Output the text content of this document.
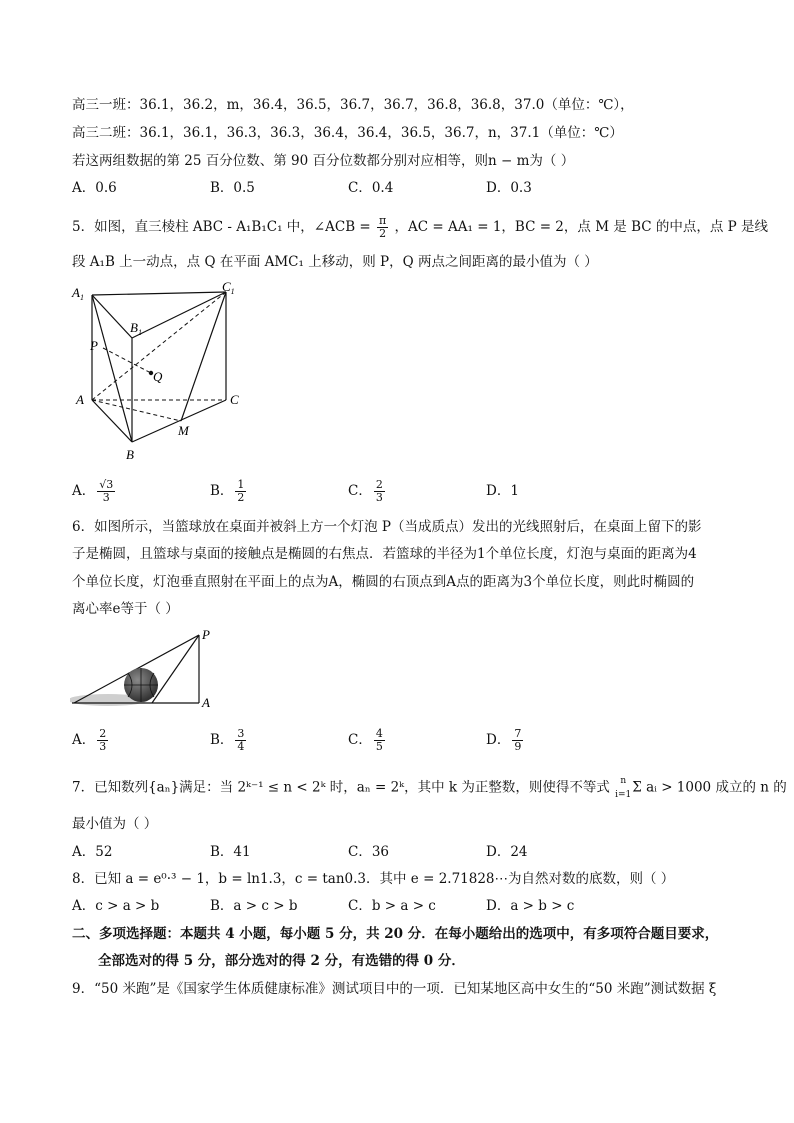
高三一班：36.1，36.2，m，36.4，36.5，36.7，36.7，36.8，36.8，37.0（单位：℃），
高三二班：36.1，36.1，36.3，36.3，36.4，36.4，36.5，36.7，n，37.1（单位：℃）
若这两组数据的第 25 百分位数、第 90 百分位数都分别对应相等，则n − m为（ ）
A．0.6	B．0.5	C．0.4	D．0.3
5．如图，直三棱柱 ABC - A₁B₁C₁ 中，∠ACB = $\frac{\pi}{2}$ ，AC = AA₁ = 1，BC = 2，点 M 是 BC 的中点，点 P 是线
段 A₁B 上一动点，点 Q 在平面 AMC₁ 上移动，则 P，Q 两点之间距离的最小值为（ ）
$A_1$
$C_1$
$B_1$
P
Q
A	C
M
B
A． $\frac{√3}{3}$	B． $\frac{1}{2}$	C． $\frac{2}{3}$	D．1
6．如图所示，当篮球放在桌面并被斜上方一个灯泡 P（当成质点）发出的光线照射后，在桌面上留下的影
子是椭圆，且篮球与桌面的接触点是椭圆的右焦点．若篮球的半径为1个单位长度，灯泡与桌面的距离为4
个单位长度，灯泡垂直照射在平面上的点为A，椭圆的右顶点到A点的距离为3个单位长度，则此时椭圆的
离心率e等于（ ）
P
A
A． $\frac{2}{3}$	B． $\frac{3}{4}$	C． $\frac{4}{5}$	D． $\frac{7}{9}$
7．已知数列{aₙ}满足：当 2ᵏ⁻¹ ≤ n < 2ᵏ 时，aₙ = 2ᵏ，其中 k 为正整数，则使得不等式	n
i=1 Σ aᵢ > 1000 成立的 n 的
最小值为（ ）
A．52	B．41	C．36	D．24
8．已知 a = e⁰·³ − 1，b = ln1.3，c = tan0.3．其中 e = 2.71828⋯为自然对数的底数，则（ ）
A．c > a > b	B．a > c > b	C．b > a > c	D．a > b > c
二、多项选择题：本题共 4 小题，每小题 5 分，共 20 分．在每小题给出的选项中，有多项符合题目要求，
全部选对的得 5 分，部分选对的得 2 分，有选错的得 0 分．
9．“50 米跑”是《国家学生体质健康标准》测试项目中的一项．已知某地区高中女生的“50 米跑”测试数据 ξ
